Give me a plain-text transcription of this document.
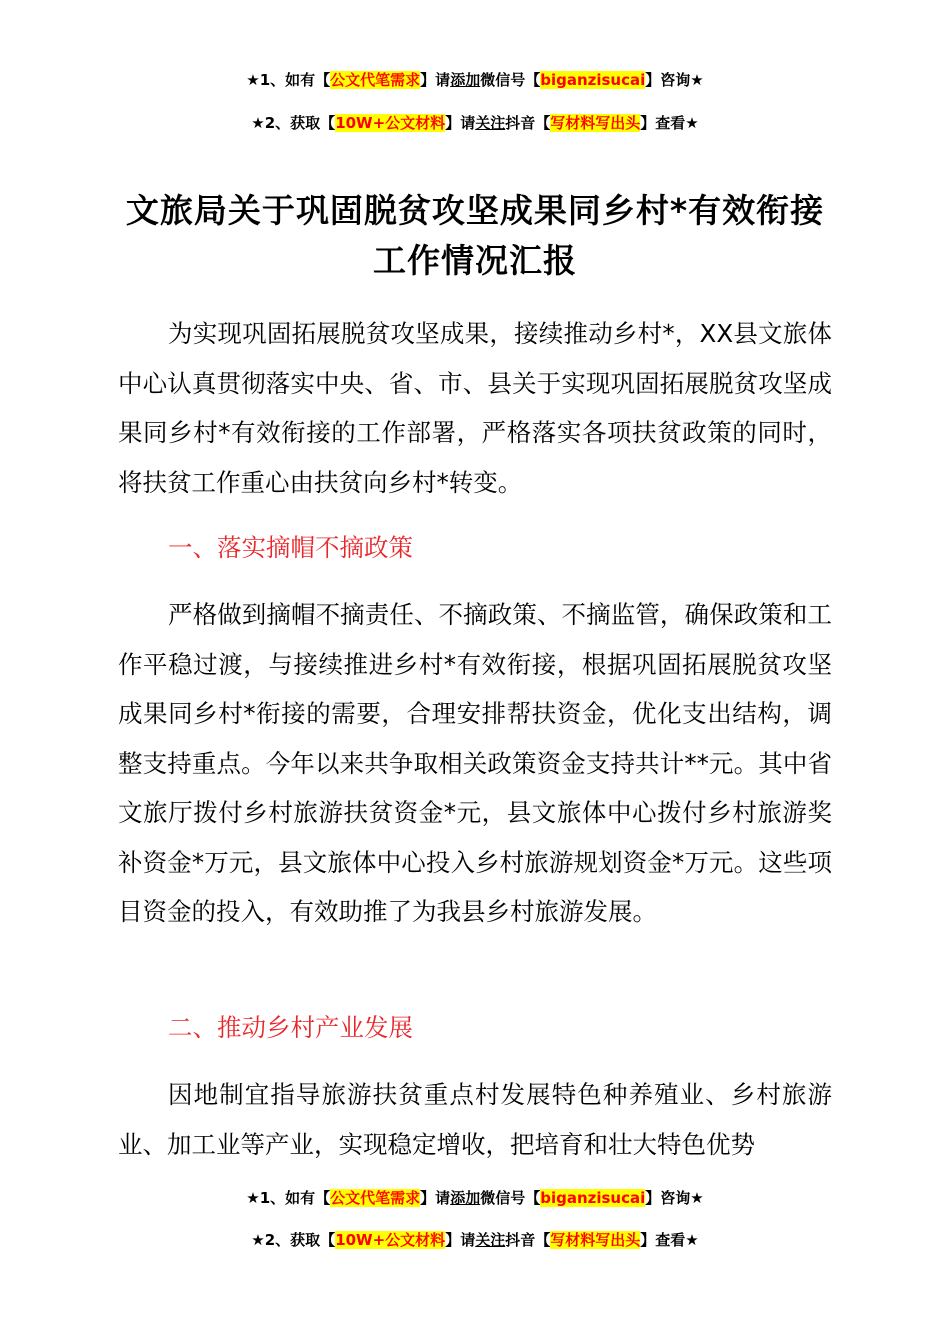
★1、如有【公文代笔需求】请添加微信号【biganzisucai】咨询★
★2、获取【10W+公文材料】请关注抖音【写材料写出头】查看★
文旅局关于巩固脱贫攻坚成果同乡村*有效衔接工作情况汇报

为实现巩固拓展脱贫攻坚成果，接续推动乡村*，XX县文旅体中心认真贯彻落实中央、省、市、县关于实现巩固拓展脱贫攻坚成果同乡村*有效衔接的工作部署，严格落实各项扶贫政策的同时，将扶贫工作重心由扶贫向乡村*转变。

一、落实摘帽不摘政策

严格做到摘帽不摘责任、不摘政策、不摘监管，确保政策和工作平稳过渡，与接续推进乡村*有效衔接，根据巩固拓展脱贫攻坚成果同乡村*衔接的需要，合理安排帮扶资金，优化支出结构，调整支持重点。今年以来共争取相关政策资金支持共计**元。其中省文旅厅拨付乡村旅游扶贫资金*元，县文旅体中心拨付乡村旅游奖补资金*万元，县文旅体中心投入乡村旅游规划资金*万元。这些项目资金的投入，有效助推了为我县乡村旅游发展。

二、推动乡村产业发展

因地制宜指导旅游扶贫重点村发展特色种养殖业、乡村旅游业、加工业等产业，实现稳定增收，把培育和壮大特色优势

★1、如有【公文代笔需求】请添加微信号【biganzisucai】咨询★
★2、获取【10W+公文材料】请关注抖音【写材料写出头】查看★
